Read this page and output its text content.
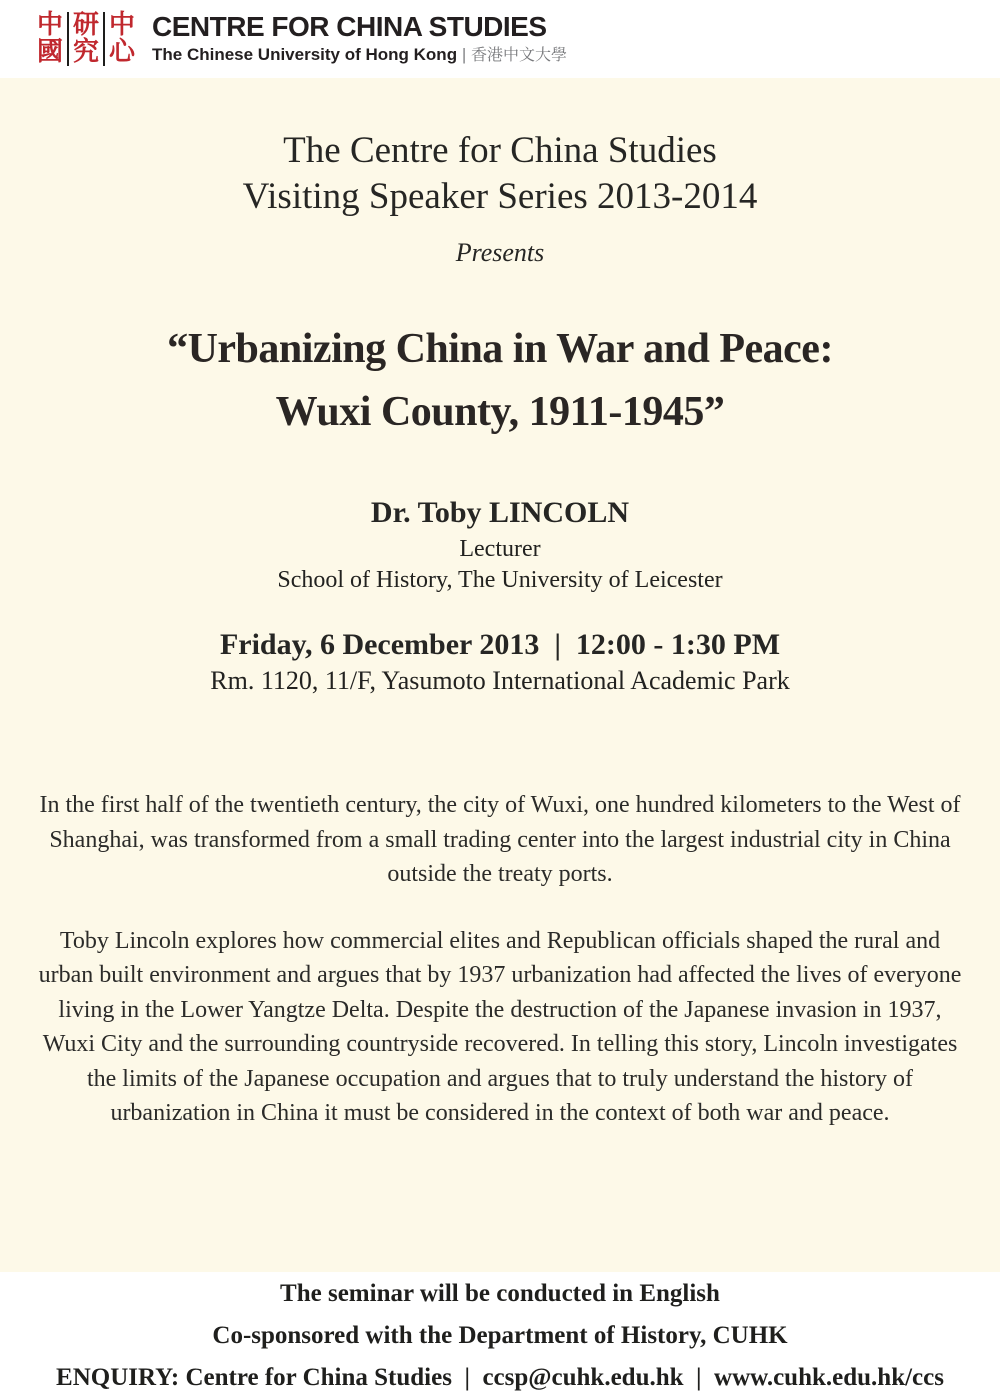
中國
研究
中心
CENTRE FOR CHINA STUDIES
The Chinese University of Hong Kong | 香港中文大學
The Centre for China Studies
Visiting Speaker Series 2013-2014
Presents
“Urbanizing China in War and Peace:
Wuxi County, 1911-1945”
Dr. Toby LINCOLN
Lecturer
School of History, The University of Leicester
Friday, 6 December 2013  |  12:00 - 1:30 PM
Rm. 1120, 11/F, Yasumoto International Academic Park

In the first half of the twentieth century, the city of Wuxi, one hundred kilometers to the West of Shanghai, was transformed from a small trading center into the largest industrial city in China outside the treaty ports.

Toby Lincoln explores how commercial elites and Republican officials shaped the rural and urban built environment and argues that by 1937 urbanization had affected the lives of everyone living in the Lower Yangtze Delta. Despite the destruction of the Japanese invasion in 1937, Wuxi City and the surrounding countryside recovered. In telling this story, Lincoln investigates the limits of the Japanese occupation and argues that to truly understand the history of urbanization in China it must be considered in the context of both war and peace.

The seminar will be conducted in English
Co-sponsored with the Department of History, CUHK
ENQUIRY: Centre for China Studies  |  ccsp@cuhk.edu.hk  |  www.cuhk.edu.hk/ccs
